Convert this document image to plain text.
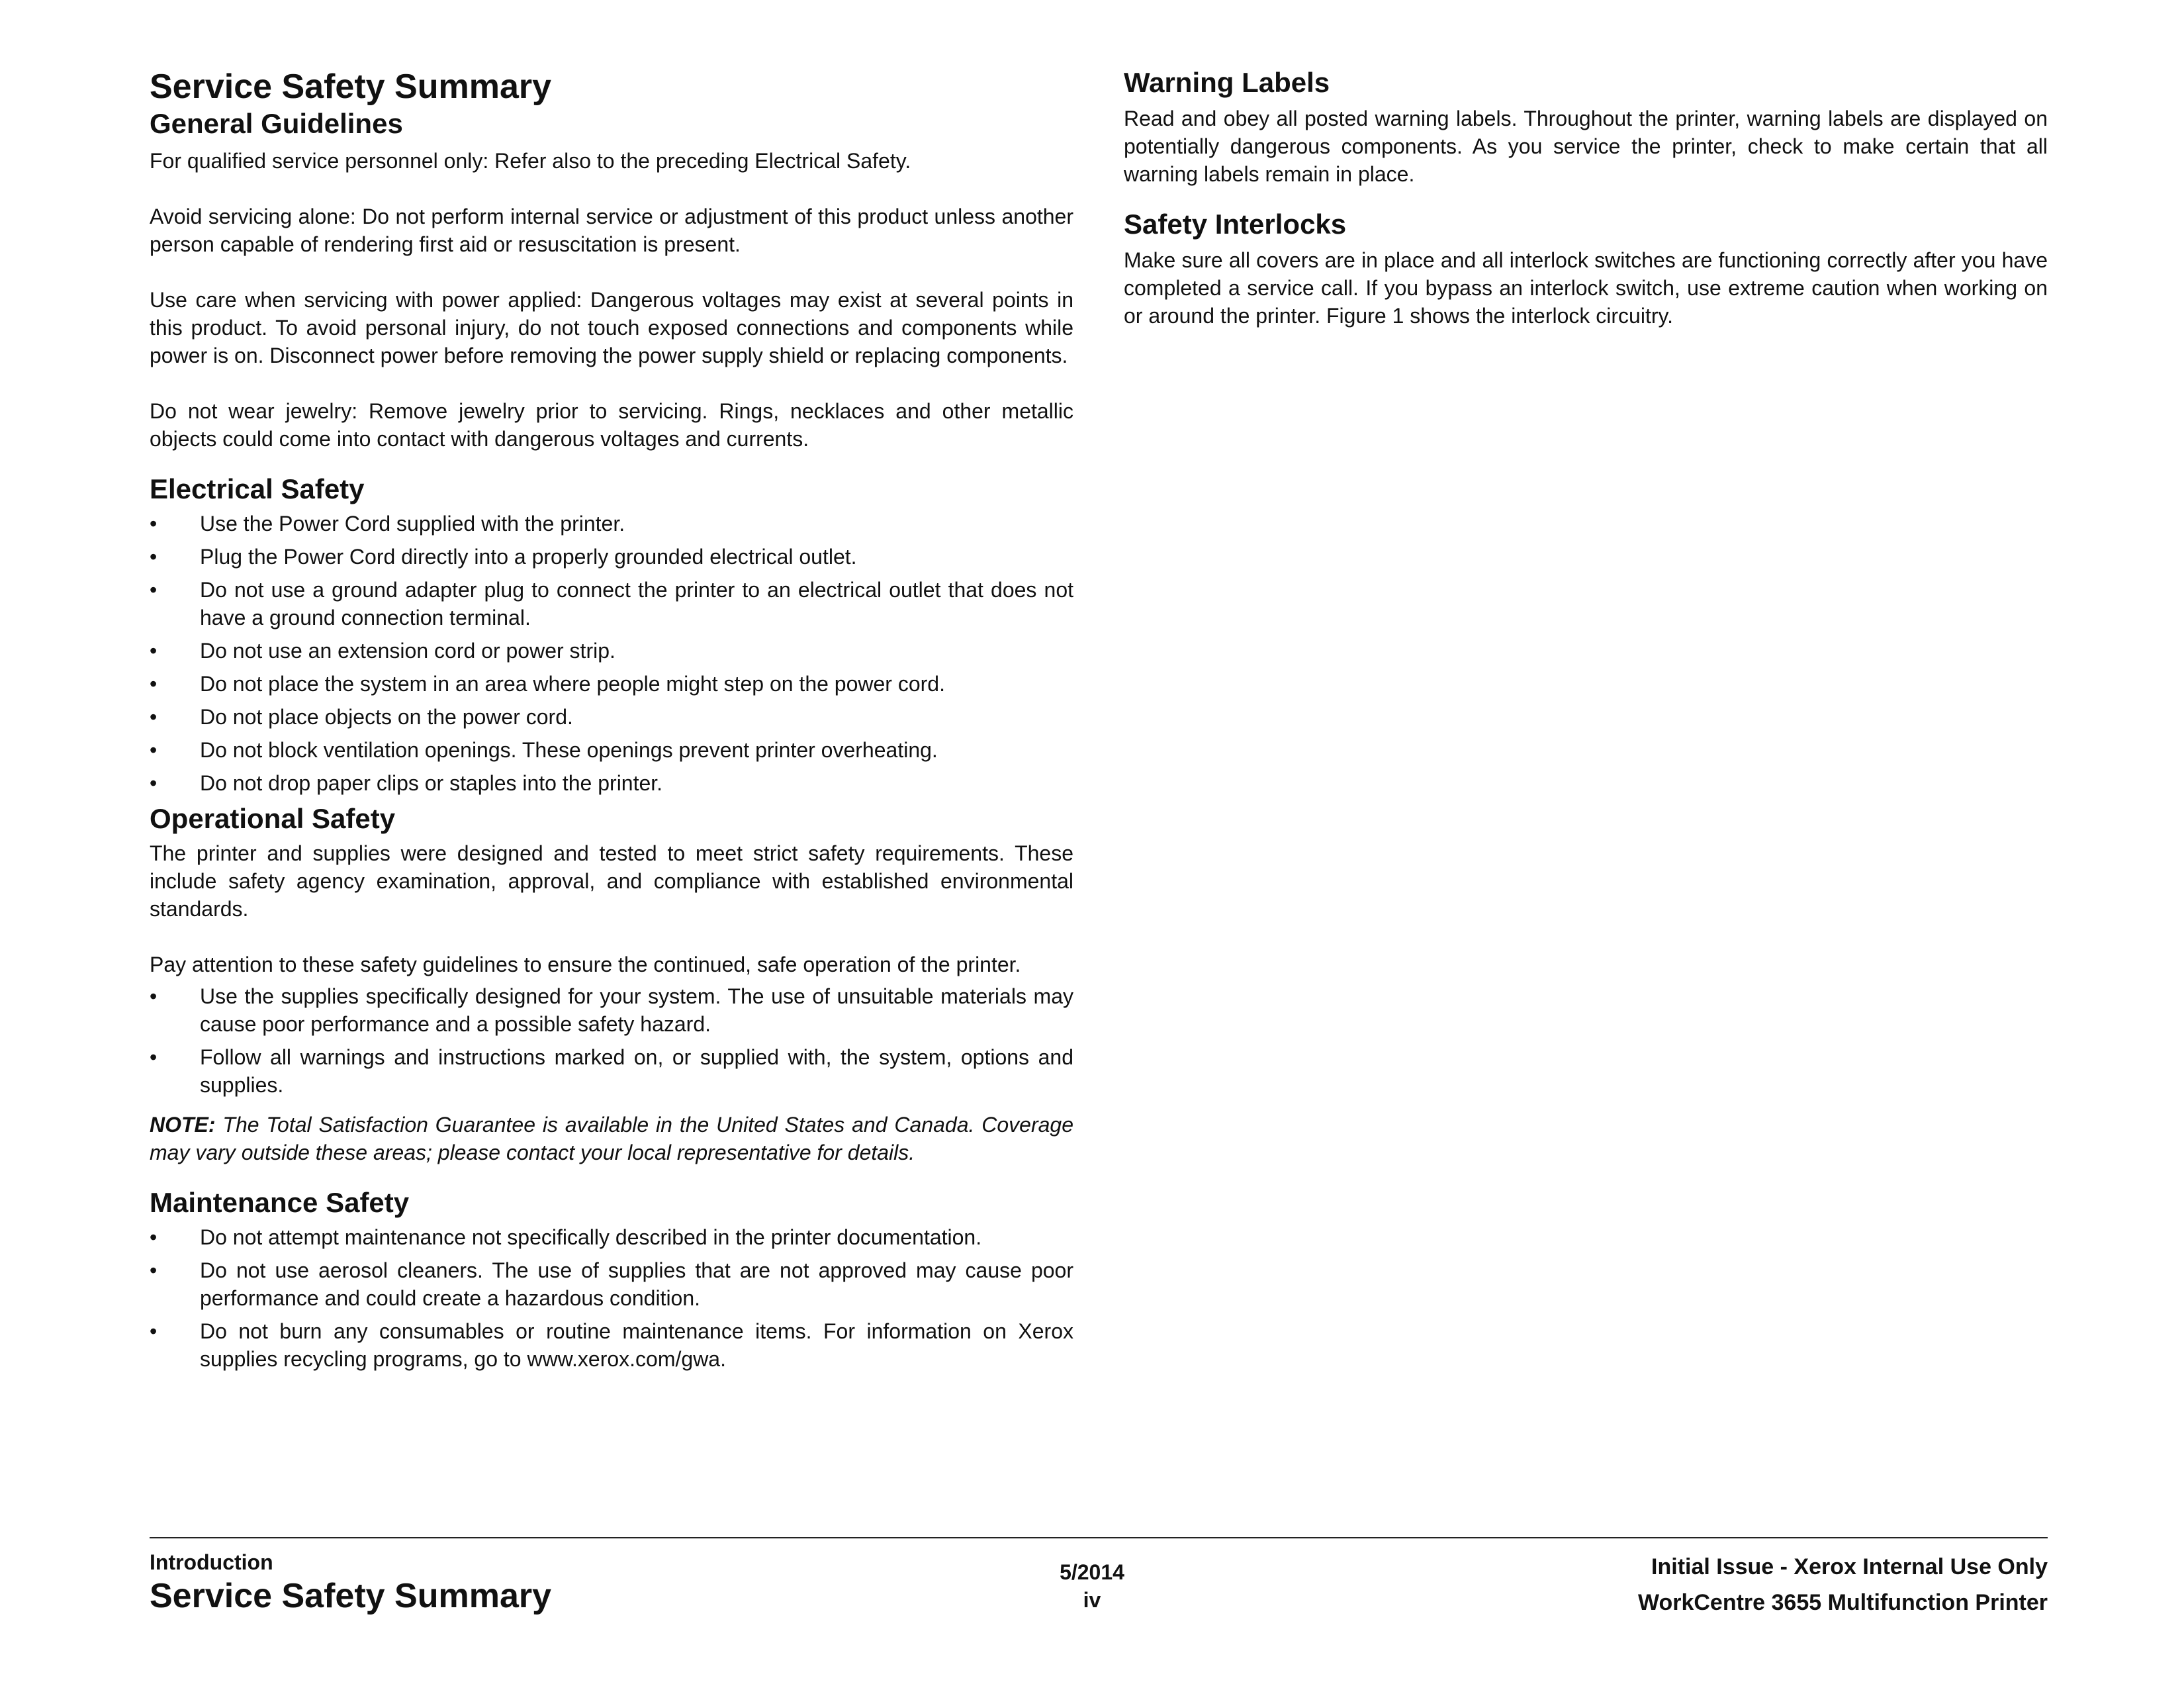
Service Safety Summary
General Guidelines

For qualified service personnel only: Refer also to the preceding Electrical Safety.

Avoid servicing alone: Do not perform internal service or adjustment of this product unless another person capable of rendering first aid or resuscitation is present.

Use care when servicing with power applied: Dangerous voltages may exist at several points in this product. To avoid personal injury, do not touch exposed connections and components while power is on. Disconnect power before removing the power supply shield or replacing components.

Do not wear jewelry: Remove jewelry prior to servicing. Rings, necklaces and other metallic objects could come into contact with dangerous voltages and currents.

Electrical Safety
•	Use the Power Cord supplied with the printer.
•	Plug the Power Cord directly into a properly grounded electrical outlet.
•	Do not use a ground adapter plug to connect the printer to an electrical outlet that does not have a ground connection terminal.
•	Do not use an extension cord or power strip.
•	Do not place the system in an area where people might step on the power cord.
•	Do not place objects on the power cord.
•	Do not block ventilation openings. These openings prevent printer overheating.
•	Do not drop paper clips or staples into the printer.
Operational Safety

The printer and supplies were designed and tested to meet strict safety requirements. These include safety agency examination, approval, and compliance with established environmental standards.

Pay attention to these safety guidelines to ensure the continued, safe operation of the printer.

•	Use the supplies specifically designed for your system. The use of unsuitable materials may cause poor performance and a possible safety hazard.
•	Follow all warnings and instructions marked on, or supplied with, the system, options and supplies.

NOTE: The Total Satisfaction Guarantee is available in the United States and Canada. Coverage may vary outside these areas; please contact your local representative for details.

Maintenance Safety
•	Do not attempt maintenance not specifically described in the printer documentation.
•	Do not use aerosol cleaners. The use of supplies that are not approved may cause poor performance and could create a hazardous condition.
•	Do not burn any consumables or routine maintenance items. For information on Xerox supplies recycling programs, go to www.xerox.com/gwa.
Warning Labels

Read and obey all posted warning labels. Throughout the printer, warning labels are displayed on potentially dangerous components. As you service the printer, check to make certain that all warning labels remain in place.

Safety Interlocks

Make sure all covers are in place and all interlock switches are functioning correctly after you have completed a service call. If you bypass an interlock switch, use extreme caution when working on or around the printer. Figure 1 shows the interlock circuitry.

Introduction

Service Safety Summary

5/2014

iv

Initial Issue - Xerox Internal Use Only

WorkCentre 3655 Multifunction Printer
